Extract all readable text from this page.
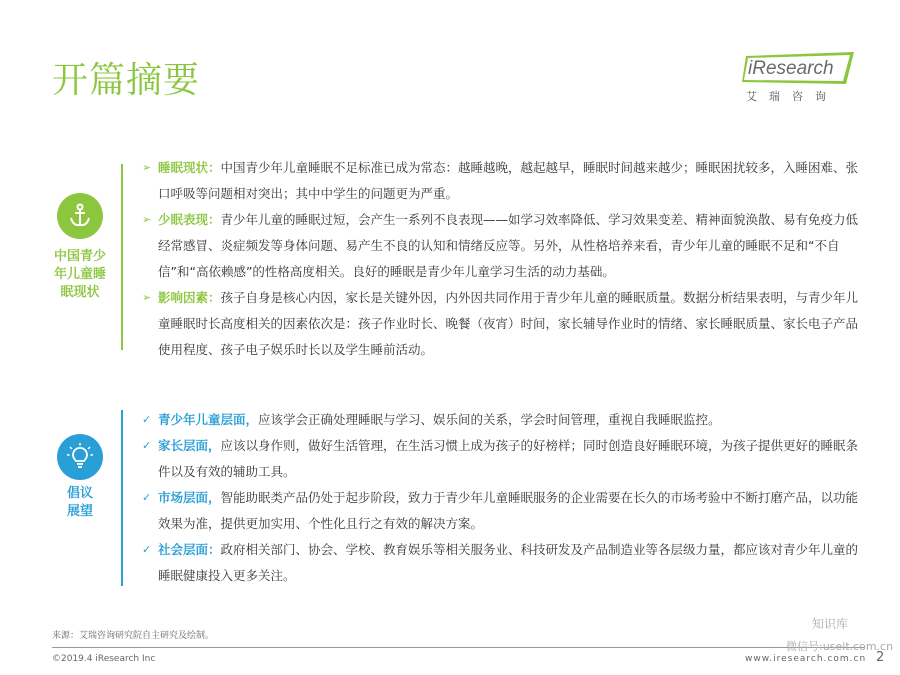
开篇摘要	iResearch
艾瑞咨询
中国青少年儿童睡眠现状
➢ 睡眠现状：中国青少年儿童睡眠不足标准已成为常态：越睡越晚，越起越早，睡眠时间越来越少；睡眠困扰较多，入睡困难、张口呼吸等问题相对突出；其中中学生的问题更为严重。
➢ 少眠表现：青少年儿童的睡眠过短，会产生一系列不良表现——如学习效率降低、学习效果变差、精神面貌涣散、易有免疫力低经常感冒、炎症频发等身体问题、易产生不良的认知和情绪反应等。另外，从性格培养来看，青少年儿童的睡眠不足和“不自信”和“高依赖感”的性格高度相关。良好的睡眠是青少年儿童学习生活的动力基础。
➢ 影响因素：孩子自身是核心内因，家长是关键外因，内外因共同作用于青少年儿童的睡眠质量。数据分析结果表明，与青少年儿童睡眠时长高度相关的因素依次是：孩子作业时长、晚餐（夜宵）时间，家长辅导作业时的情绪、家长睡眠质量、家长电子产品使用程度、孩子电子娱乐时长以及学生睡前活动。
倡议展望
✓ 青少年儿童层面，应该学会正确处理睡眠与学习、娱乐间的关系，学会时间管理，重视自我睡眠监控。
✓ 家长层面，应该以身作则，做好生活管理，在生活习惯上成为孩子的好榜样；同时创造良好睡眠环境，为孩子提供更好的睡眠条件以及有效的辅助工具。
✓ 市场层面，智能助眠类产品仍处于起步阶段，致力于青少年儿童睡眠服务的企业需要在长久的市场考验中不断打磨产品，以功能效果为准，提供更加实用、个性化且行之有效的解决方案。
✓ 社会层面：政府相关部门、协会、学校、教育娱乐等相关服务业、科技研发及产品制造业等各层级力量，都应该对青少年儿童的睡眠健康投入更多关注。
来源：艾瑞咨询研究院自主研究及绘制。
©2019.4 iResearch Inc	www.iresearch.com.cn
知识库
微信号:useit.com.cn
2
